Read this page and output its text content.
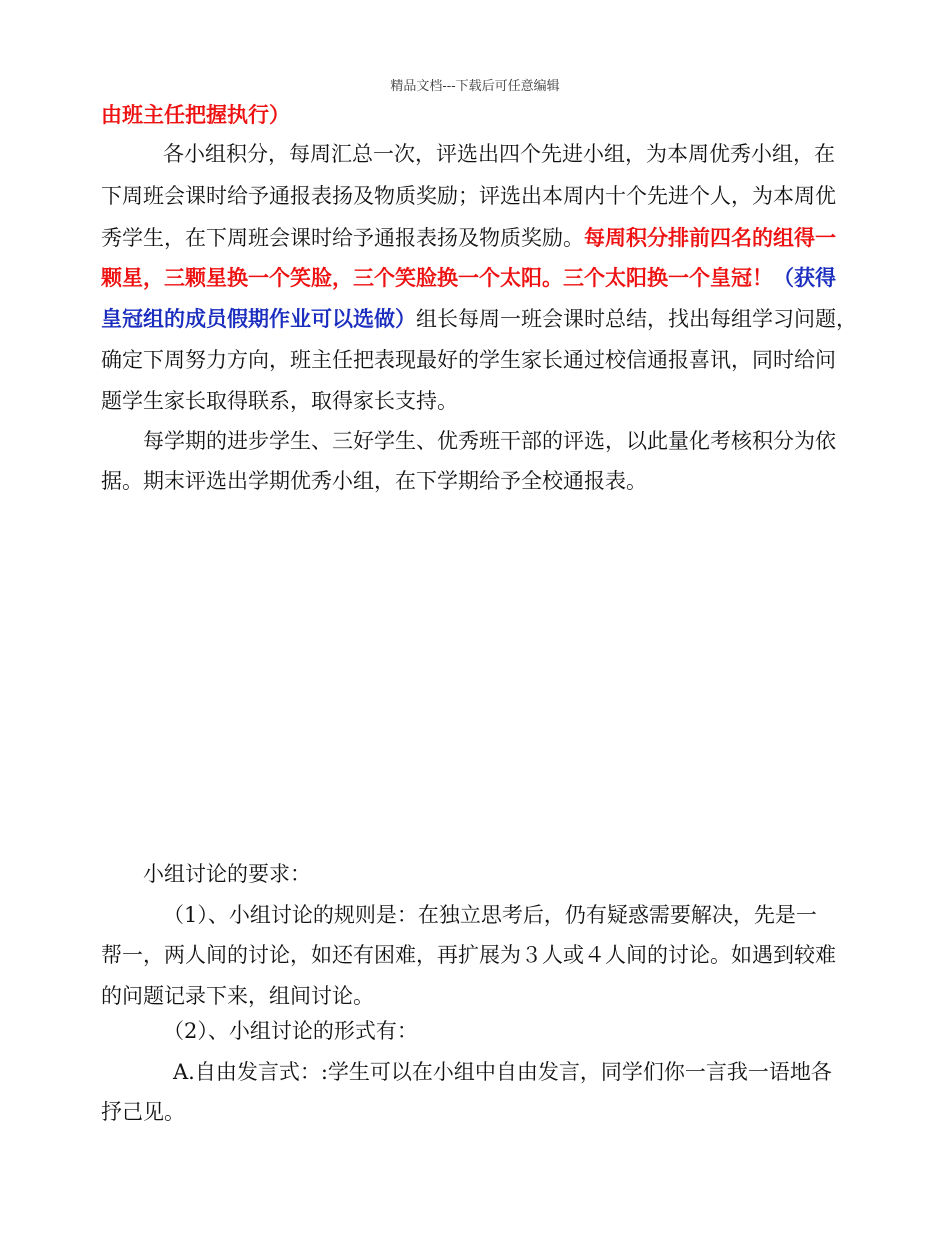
精品文档---下载后可任意编辑
由班主任把握执行）
各小组积分，每周汇总一次，评选出四个先进小组，为本周优秀小组，在
下周班会课时给予通报表扬及物质奖励；评选出本周内十个先进个人，为本周优
秀学生，在下周班会课时给予通报表扬及物质奖励。每周积分排前四名的组得一
颗星，三颗星换一个笑脸，三个笑脸换一个太阳。三个太阳换一个皇冠！（获得
皇冠组的成员假期作业可以选做）组长每周一班会课时总结，找出每组学习问题，
确定下周努力方向，班主任把表现最好的学生家长通过校信通报喜讯，同时给问
题学生家长取得联系，取得家长支持。
每学期的进步学生、三好学生、优秀班干部的评选，以此量化考核积分为依
据。期末评选出学期优秀小组，在下学期给予全校通报表。
小组讨论的要求：
（1）、小组讨论的规则是：在独立思考后，仍有疑惑需要解决，先是一
帮一，两人间的讨论，如还有困难，再扩展为３人或４人间的讨论。如遇到较难
的问题记录下来，组间讨论。
（2）、小组讨论的形式有：
A.自由发言式：:学生可以在小组中自由发言，同学们你一言我一语地各
抒己见。
